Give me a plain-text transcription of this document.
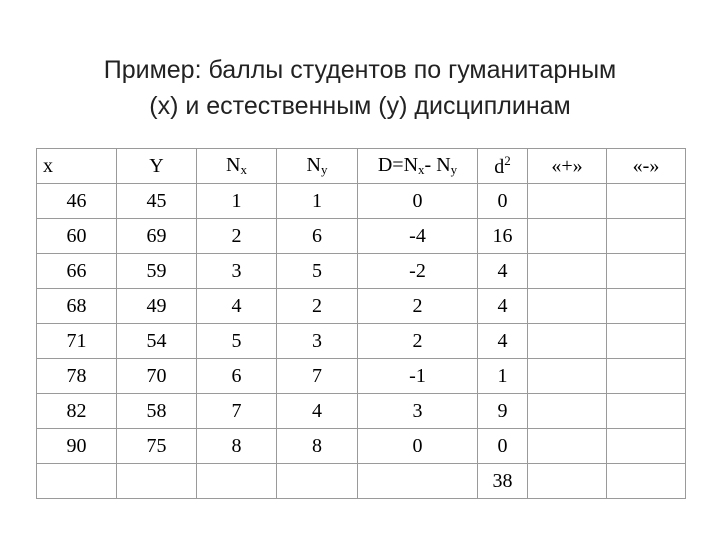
Пример: баллы студентов по гуманитарным
(x) и естественным (y) дисциплинам
x	Y	$N_x$	$N_y$	$D=N_x-$ $N_y$	$d^2$	«+»	«-»
46	45	1	1	0	0		
60	69	2	6	-4	16		
66	59	3	5	-2	4		
68	49	4	2	2	4		
71	54	5	3	2	4		
78	70	6	7	-1	1		
82	58	7	4	3	9		
90	75	8	8	0	0		
					38		
